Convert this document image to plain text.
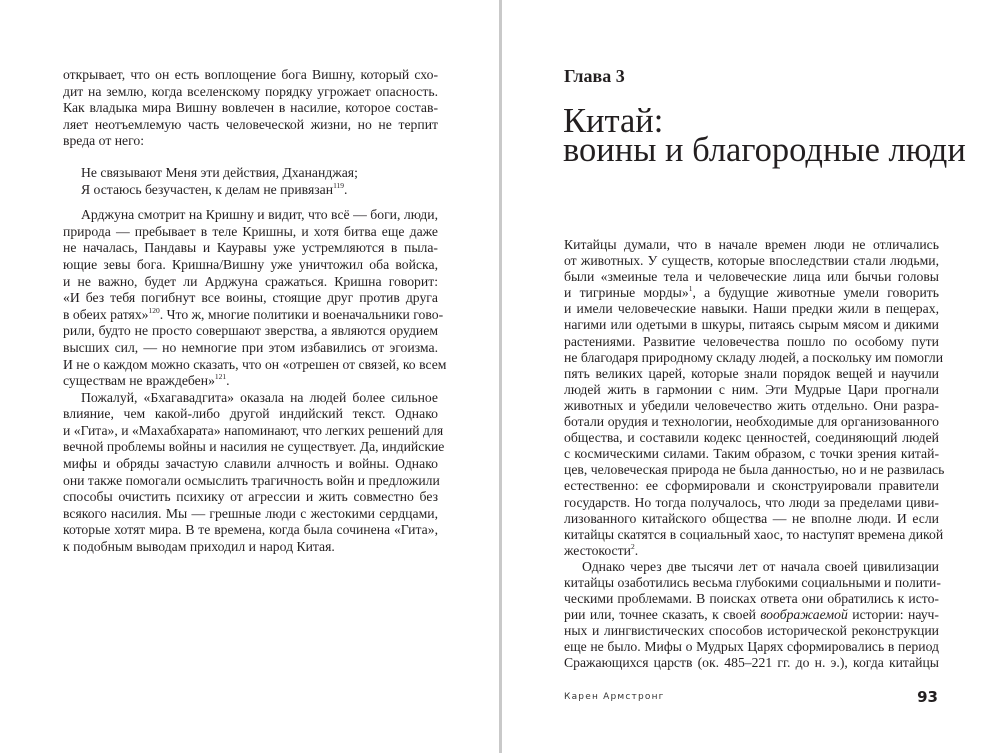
открывает, что он есть воплощение бога Вишну, который схо-
дит на землю, когда вселенскому порядку угрожает опасность.
Как владыка мира Вишну вовлечен в насилие, которое состав-
ляет неотъемлемую часть человеческой жизни, но не терпит
вреда от него:
Не связывают Меня эти действия, Дхананджая;
Я остаюсь безучастен, к делам не привязан$^{119}$.
Арджуна смотрит на Кришну и видит, что всё — боги, люди,
природа — пребывает в теле Кришны, и хотя битва еще даже
не началась, Пандавы и Кауравы уже устремляются в пыла-
ющие зевы бога. Кришна/Вишну уже уничтожил оба войска,
и не важно, будет ли Арджуна сражаться. Кришна говорит:
«И без тебя погибнут все воины, стоящие друг против друга
в обеих ратях»$^{120}$. Что ж, многие политики и военачальники гово-
рили, будто не просто совершают зверства, а являются орудием
высших сил, — но немногие при этом избавились от эгоизма.
И не о каждом можно сказать, что он «отрешен от связей, ко всем
существам не враждебен»$^{121}$.
Пожалуй, «Бхагавадгита» оказала на людей более сильное
влияние, чем какой-либо другой индийский текст. Однако
и «Гита», и «Махабхарата» напоминают, что легких решений для
вечной проблемы войны и насилия не существует. Да, индийские
мифы и обряды зачастую славили алчность и войны. Однако
они также помогали осмыслить трагичность войн и предложили
способы очистить психику от агрессии и жить совместно без
всякого насилия. Мы — грешные люди с жестокими сердцами,
которые хотят мира. В те времена, когда была сочинена «Гита»,
к подобным выводам приходил и народ Китая.
Глава 3
Китай:
воины и благородные люди
Китайцы думали, что в начале времен люди не отличались
от животных. У существ, которые впоследствии стали людьми,
были «змеиные тела и человеческие лица или бычьи головы
и тигриные морды»$^1$, а будущие животные умели говорить
и имели человеческие навыки. Наши предки жили в пещерах,
нагими или одетыми в шкуры, питаясь сырым мясом и дикими
растениями. Развитие человечества пошло по особому пути
не благодаря природному складу людей, а поскольку им помогли
пять великих царей, которые знали порядок вещей и научили
людей жить в гармонии с ним. Эти Мудрые Цари прогнали
животных и убедили человечество жить отдельно. Они разра-
ботали орудия и технологии, необходимые для организованного
общества, и составили кодекс ценностей, соединяющий людей
с космическими силами. Таким образом, с точки зрения китай-
цев, человеческая природа не была данностью, но и не развилась
естественно: ее сформировали и сконструировали правители
государств. Но тогда получалось, что люди за пределами циви-
лизованного китайского общества — не вполне люди. И если
китайцы скатятся в социальный хаос, то наступят времена дикой
жестокости$^2$.
Однако через две тысячи лет от начала своей цивилизации
китайцы озаботились весьма глубокими социальными и полити-
ческими проблемами. В поисках ответа они обратились к исто-
рии или, точнее сказать, к своей воображаемой истории: науч-
ных и лингвистических способов исторической реконструкции
еще не было. Мифы о Мудрых Царях сформировались в период
Сражающихся царств (ок. 485–221 гг. до н. э.), когда китайцы
Карен Армстронг	93
